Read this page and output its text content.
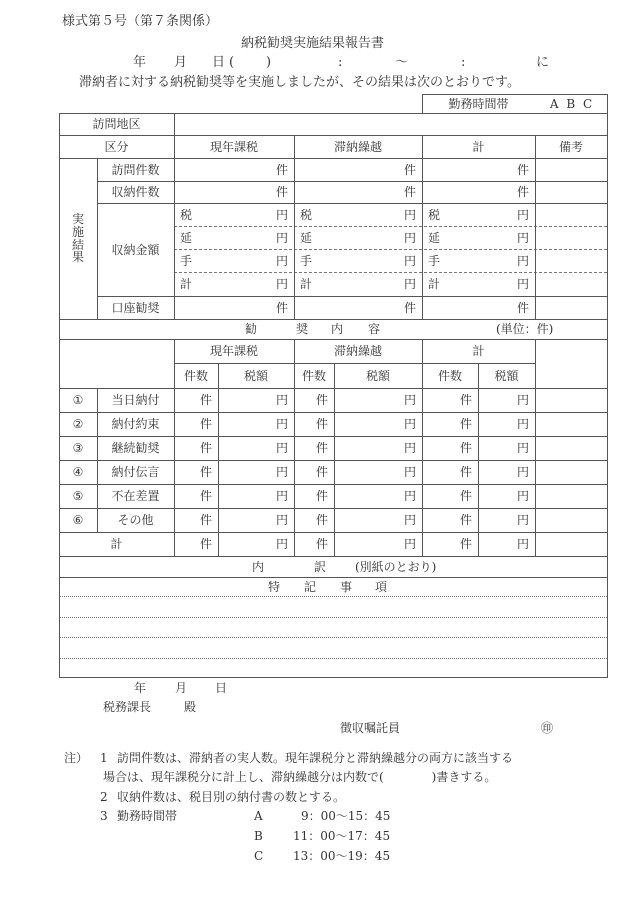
様式第５号（第７条関係）
納税勧奨実施結果報告書
年 月 日 ( )	:	〜	:	に
滞納者に対する納税勧奨等を実施しましたが、その結果は次のとおりです。
勤務時間帯	A B C
訪問地区
区分	現年課税	滞納繰越	計	備考
実
施
結
果
訪問件数	件	件	件
収納件数	件	件	件
収納金額
税	円 税	円 税	円
延	円 延	円 延	円
手	円 手	円 手	円
計	円 計	円 計	円
口座勧奨	件	件	件
勧	奨 内 容	(単位：件)
現年課税	滞納繰越	計
件数	税額	件数	税額	件数	税額
①	当日納付	件	円	件	円	件	円
②	納付約束	件	円	件	円	件	円
③	継続勧奨	件	円	件	円	件	円
④	納付伝言	件	円	件	円	件	円
⑤	不在差置	件	円	件	円	件	円
⑥	その他	件	円	件	円	件	円
計	件	円	件	円	件	円
内	訳 (別紙のとおり)
特 記 事 項
年 月 日
税務課長	殿
徴収嘱託員	㊞
注） 1 訪問件数は、滞納者の実人数。現年課税分と滞納繰越分の両方に該当する
場合は、現年課税分に計上し、滞納繰越分は内数で(　　　　)書きする。
2 収納件数は、税目別の納付書の数とする。
3 勤務時間帯	A	9：00〜15：45
B	11：00〜17：45
C 13：00〜19：45
